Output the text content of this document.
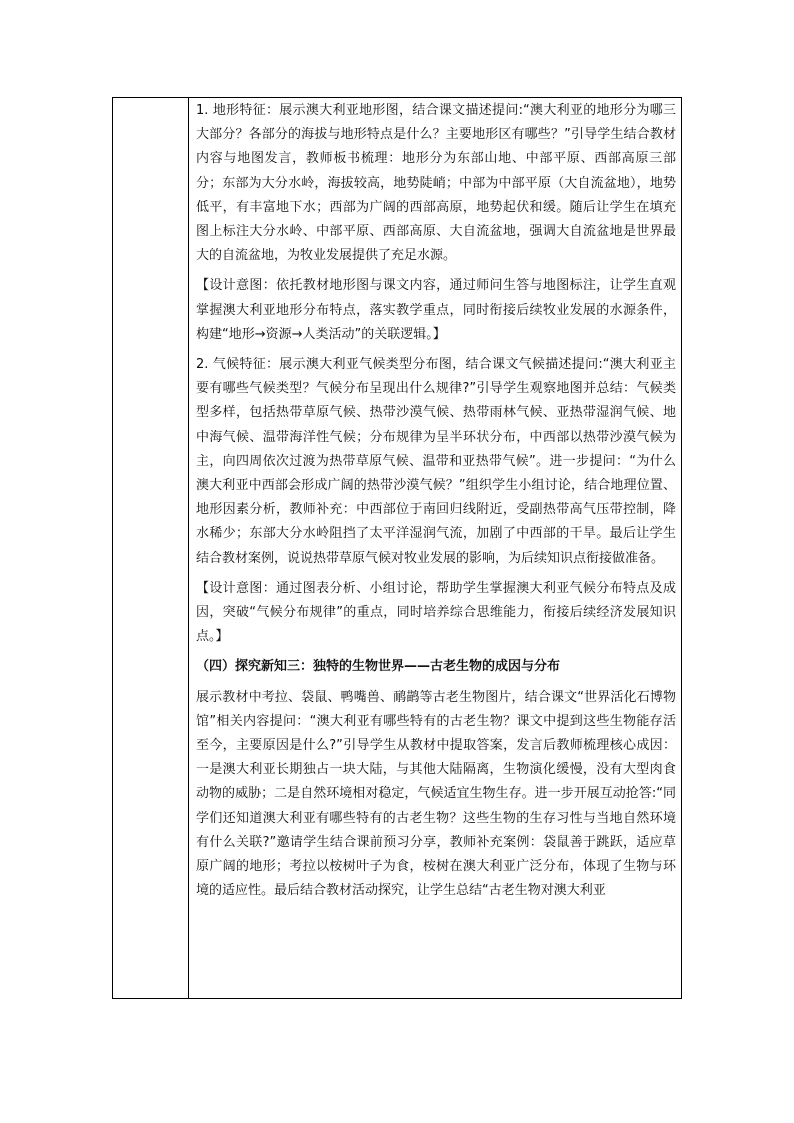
1. 地形特征：展示澳大利亚地形图，结合课文描述提问:“澳大利亚的地形分为哪三大部分？各部分的海拔与地形特点是什么？主要地形区有哪些？”引导学生结合教材内容与地图发言，教师板书梳理：地形分为东部山地、中部平原、西部高原三部分；东部为大分水岭，海拔较高，地势陡峭；中部为中部平原（大自流盆地），地势低平，有丰富地下水；西部为广阔的西部高原，地势起伏和缓。随后让学生在填充图上标注大分水岭、中部平原、西部高原、大自流盆地，强调大自流盆地是世界最大的自流盆地，为牧业发展提供了充足水源。

【设计意图：依托教材地形图与课文内容，通过师问生答与地图标注，让学生直观掌握澳大利亚地形分布特点，落实教学重点，同时衔接后续牧业发展的水源条件，构建“地形→资源→人类活动”的关联逻辑。】

2. 气候特征：展示澳大利亚气候类型分布图，结合课文气候描述提问:“澳大利亚主要有哪些气候类型？气候分布呈现出什么规律?”引导学生观察地图并总结：气候类型多样，包括热带草原气候、热带沙漠气候、热带雨林气候、亚热带湿润气候、地中海气候、温带海洋性气候；分布规律为呈半环状分布，中西部以热带沙漠气候为主，向四周依次过渡为热带草原气候、温带和亚热带气候”。进一步提问：“为什么澳大利亚中西部会形成广阔的热带沙漠气候？”组织学生小组讨论，结合地理位置、地形因素分析，教师补充：中西部位于南回归线附近，受副热带高气压带控制，降水稀少；东部大分水岭阻挡了太平洋湿润气流，加剧了中西部的干旱。最后让学生结合教材案例，说说热带草原气候对牧业发展的影响，为后续知识点衔接做准备。

【设计意图：通过图表分析、小组讨论，帮助学生掌握澳大利亚气候分布特点及成因，突破“气候分布规律”的重点，同时培养综合思维能力，衔接后续经济发展知识点。】

（四）探究新知三：独特的生物世界——古老生物的成因与分布

展示教材中考拉、袋鼠、鸭嘴兽、鸸鹋等古老生物图片，结合课文“世界活化石博物馆”相关内容提问：“澳大利亚有哪些特有的古老生物？课文中提到这些生物能存活至今，主要原因是什么?”引导学生从教材中提取答案，发言后教师梳理核心成因：一是澳大利亚长期独占一块大陆，与其他大陆隔离，生物演化缓慢，没有大型肉食动物的威胁；二是自然环境相对稳定，气候适宜生物生存。进一步开展互动抢答:“同学们还知道澳大利亚有哪些特有的古老生物？这些生物的生存习性与当地自然环境有什么关联?”邀请学生结合课前预习分享，教师补充案例：袋鼠善于跳跃，适应草原广阔的地形；考拉以桉树叶子为食，桉树在澳大利亚广泛分布，体现了生物与环境的适应性。最后结合教材活动探究，让学生总结“古老生物对澳大利亚
